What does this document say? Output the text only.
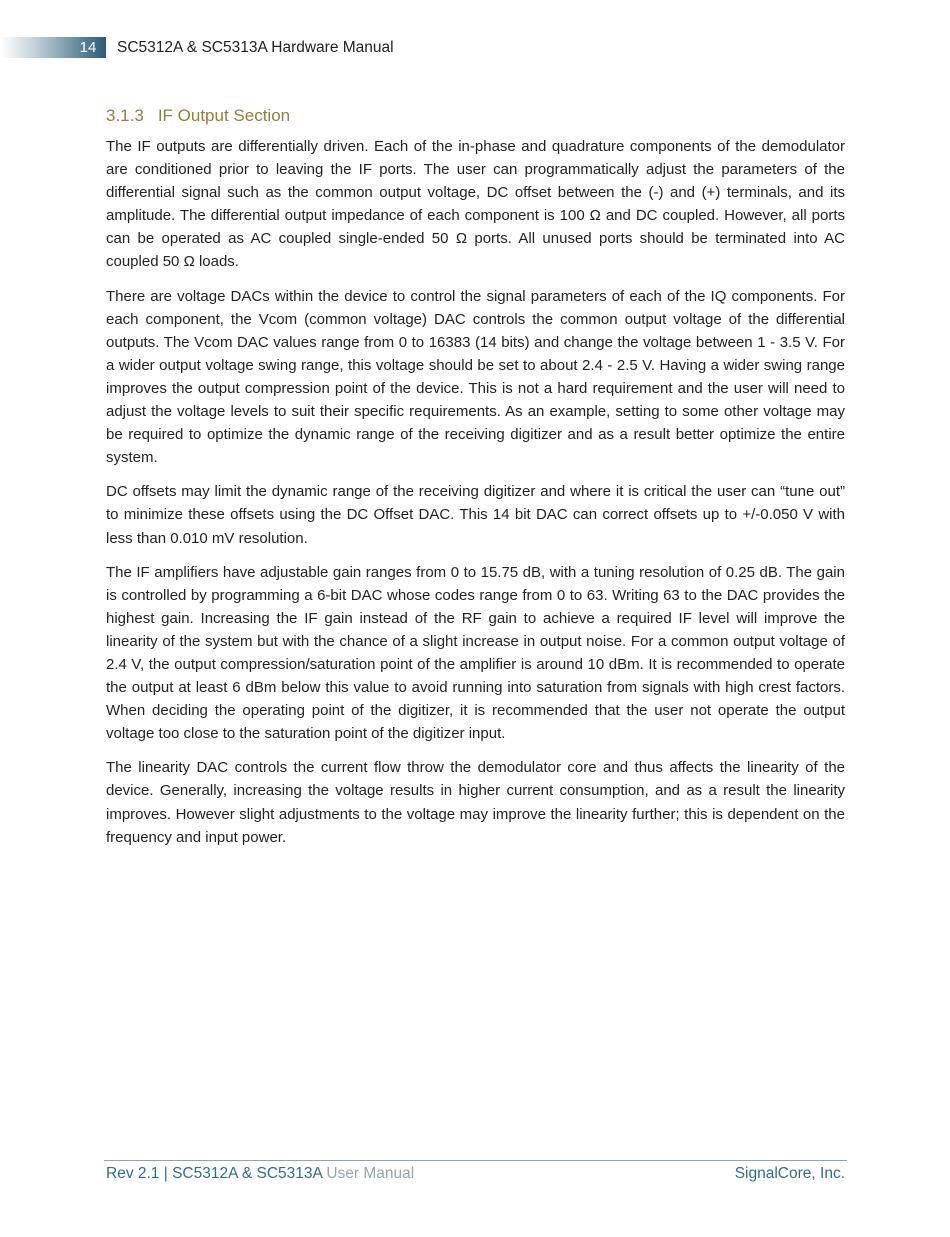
14 SC5312A & SC5313A Hardware Manual
3.1.3 IF Output Section

The IF outputs are differentially driven. Each of the in-phase and quadrature components of the demodulator are conditioned prior to leaving the IF ports. The user can programmatically adjust the parameters of the differential signal such as the common output voltage, DC offset between the (-) and (+) terminals, and its amplitude. The differential output impedance of each component is 100 Ω and DC coupled. However, all ports can be operated as AC coupled single-ended 50 Ω ports. All unused ports should be terminated into AC coupled 50 Ω loads.

There are voltage DACs within the device to control the signal parameters of each of the IQ components. For each component, the Vcom (common voltage) DAC controls the common output voltage of the differential outputs. The Vcom DAC values range from 0 to 16383 (14 bits) and change the voltage between 1 - 3.5 V. For a wider output voltage swing range, this voltage should be set to about 2.4 - 2.5 V. Having a wider swing range improves the output compression point of the device. This is not a hard requirement and the user will need to adjust the voltage levels to suit their specific requirements. As an example, setting to some other voltage may be required to optimize the dynamic range of the receiving digitizer and as a result better optimize the entire system.

DC offsets may limit the dynamic range of the receiving digitizer and where it is critical the user can “tune out” to minimize these offsets using the DC Offset DAC. This 14 bit DAC can correct offsets up to +/-0.050 V with less than 0.010 mV resolution.

The IF amplifiers have adjustable gain ranges from 0 to 15.75 dB, with a tuning resolution of 0.25 dB. The gain is controlled by programming a 6-bit DAC whose codes range from 0 to 63. Writing 63 to the DAC provides the highest gain. Increasing the IF gain instead of the RF gain to achieve a required IF level will improve the linearity of the system but with the chance of a slight increase in output noise. For a common output voltage of 2.4 V, the output compression/saturation point of the amplifier is around 10 dBm. It is recommended to operate the output at least 6 dBm below this value to avoid running into saturation from signals with high crest factors. When deciding the operating point of the digitizer, it is recommended that the user not operate the output voltage too close to the saturation point of the digitizer input.

The linearity DAC controls the current flow throw the demodulator core and thus affects the linearity of the device. Generally, increasing the voltage results in higher current consumption, and as a result the linearity improves. However slight adjustments to the voltage may improve the linearity further; this is dependent on the frequency and input power.

Rev 2.1 | SC5312A & SC5313A User Manual	SignalCore, Inc.
